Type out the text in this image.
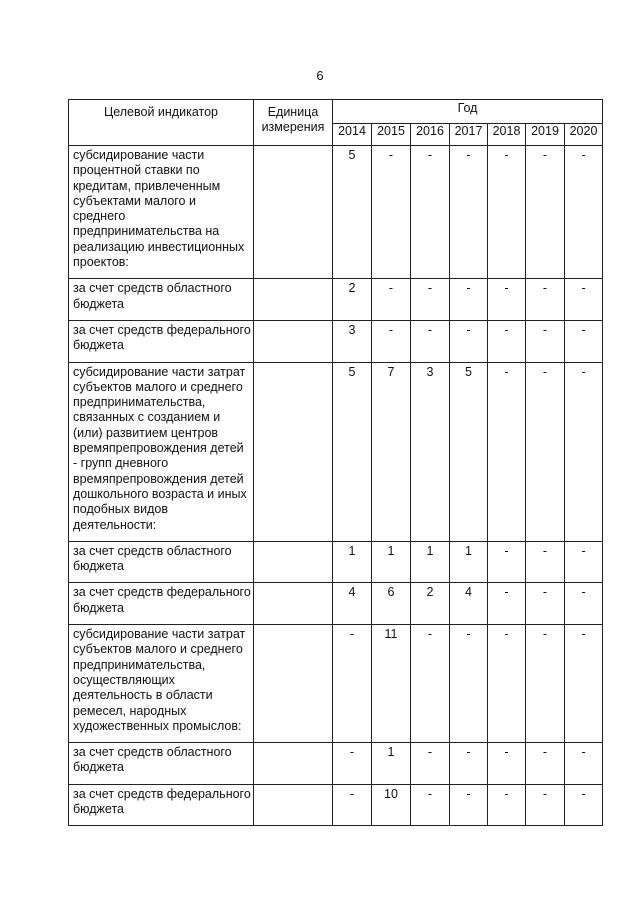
6
Целевой индикатор	Единица измерения	Год						
		2014	2015	2016	2017	2018	2019	2020
субсидирование части процентной ставки по кредитам, привлеченным субъектами малого и среднего предпринимательства на реализацию инвестиционных проектов:		5	-	-	-	-	-	-
за счет средств областного бюджета		2	-	-	-	-	-	-
за счет средств федерального бюджета		3	-	-	-	-	-	-
субсидирование части затрат субъектов малого и среднего предпринимательства, связанных с созданием и (или) развитием центров времяпрепровождения детей - групп дневного времяпрепровождения детей дошкольного возраста и иных подобных видов деятельности:		5	7	3	5	-	-	-
за счет средств областного бюджета		1	1	1	1	-	-	-
за счет средств федерального бюджета		4	6	2	4	-	-	-
субсидирование части затрат субъектов малого и среднего предпринимательства, осуществляющих деятельность в области ремесел, народных художественных промыслов:		-	11	-	-	-	-	-
за счет средств областного бюджета		-	1	-	-	-	-	-
за счет средств федерального бюджета		-	10	-	-	-	-	-
